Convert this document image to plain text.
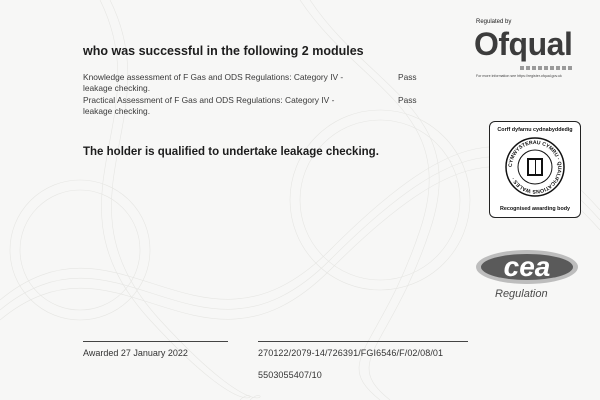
who was successful in the following 2 modules
Knowledge assessment of F Gas and ODS Regulations: Category IV - leakage checking.
Pass
Practical Assessment of F Gas and ODS Regulations: Category IV - leakage checking.
Pass
The holder is qualified to undertake leakage checking.
Awarded 27 January 2022	270122/2079-14/726391/FGI6546/F/02/08/01
5503055407/10
Regulated by
Ofqual
For more information see https://register.ofqual.gov.uk
Corff dyfarnu cydnabyddedig
CYMWYSTERAU CYMRU · QUALIFICATIONS WALES ·
Recognised awarding body
cea
Regulation
